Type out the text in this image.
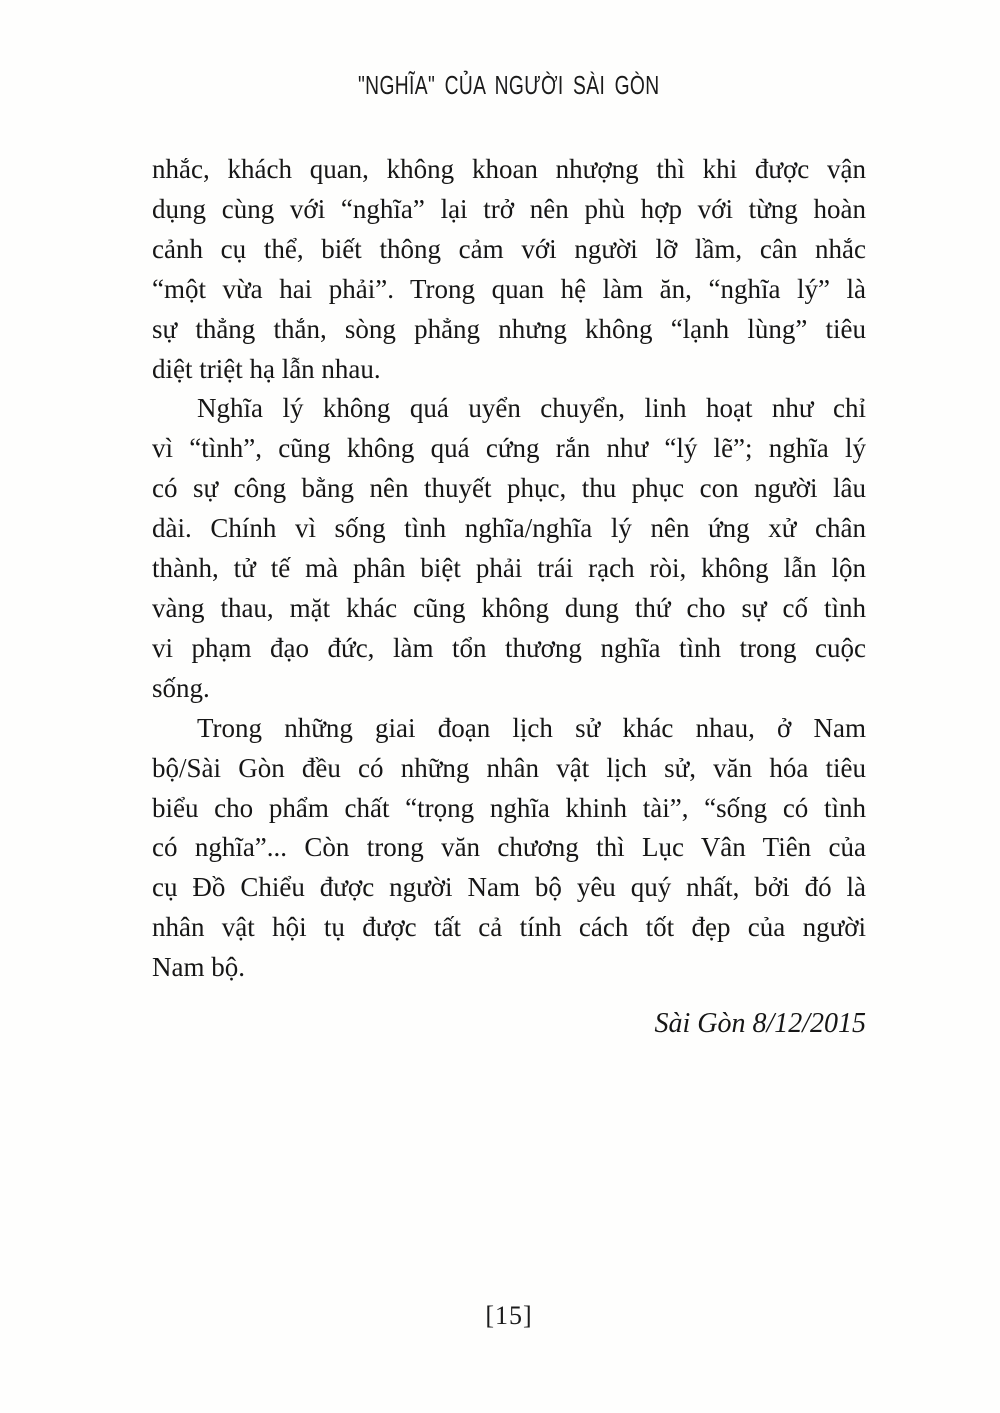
"NGHĨA" CỦA NGƯỜI SÀI GÒN
nhắc, khách quan, không khoan nhượng thì khi được vận
dụng cùng với “nghĩa” lại trở nên phù hợp với từng hoàn
cảnh cụ thể, biết thông cảm với người lỡ lầm, cân nhắc
“một vừa hai phải”. Trong quan hệ làm ăn, “nghĩa lý” là
sự thẳng thắn, sòng phẳng nhưng không “lạnh lùng” tiêu
diệt triệt hạ lẫn nhau.
Nghĩa lý không quá uyển chuyển, linh hoạt như chỉ
vì “tình”, cũng không quá cứng rắn như “lý lẽ”; nghĩa lý
có sự công bằng nên thuyết phục, thu phục con người lâu
dài. Chính vì sống tình nghĩa/nghĩa lý nên ứng xử chân
thành, tử tế mà phân biệt phải trái rạch ròi, không lẫn lộn
vàng thau, mặt khác cũng không dung thứ cho sự cố tình
vi phạm đạo đức, làm tổn thương nghĩa tình trong cuộc
sống.
Trong những giai đoạn lịch sử khác nhau, ở Nam
bộ/Sài Gòn đều có những nhân vật lịch sử, văn hóa tiêu
biểu cho phẩm chất “trọng nghĩa khinh tài”, “sống có tình
có nghĩa”... Còn trong văn chương thì Lục Vân Tiên của
cụ Đồ Chiểu được người Nam bộ yêu quý nhất, bởi đó là
nhân vật hội tụ được tất cả tính cách tốt đẹp của người
Nam bộ.
Sài Gòn 8/12/2015
[15]
